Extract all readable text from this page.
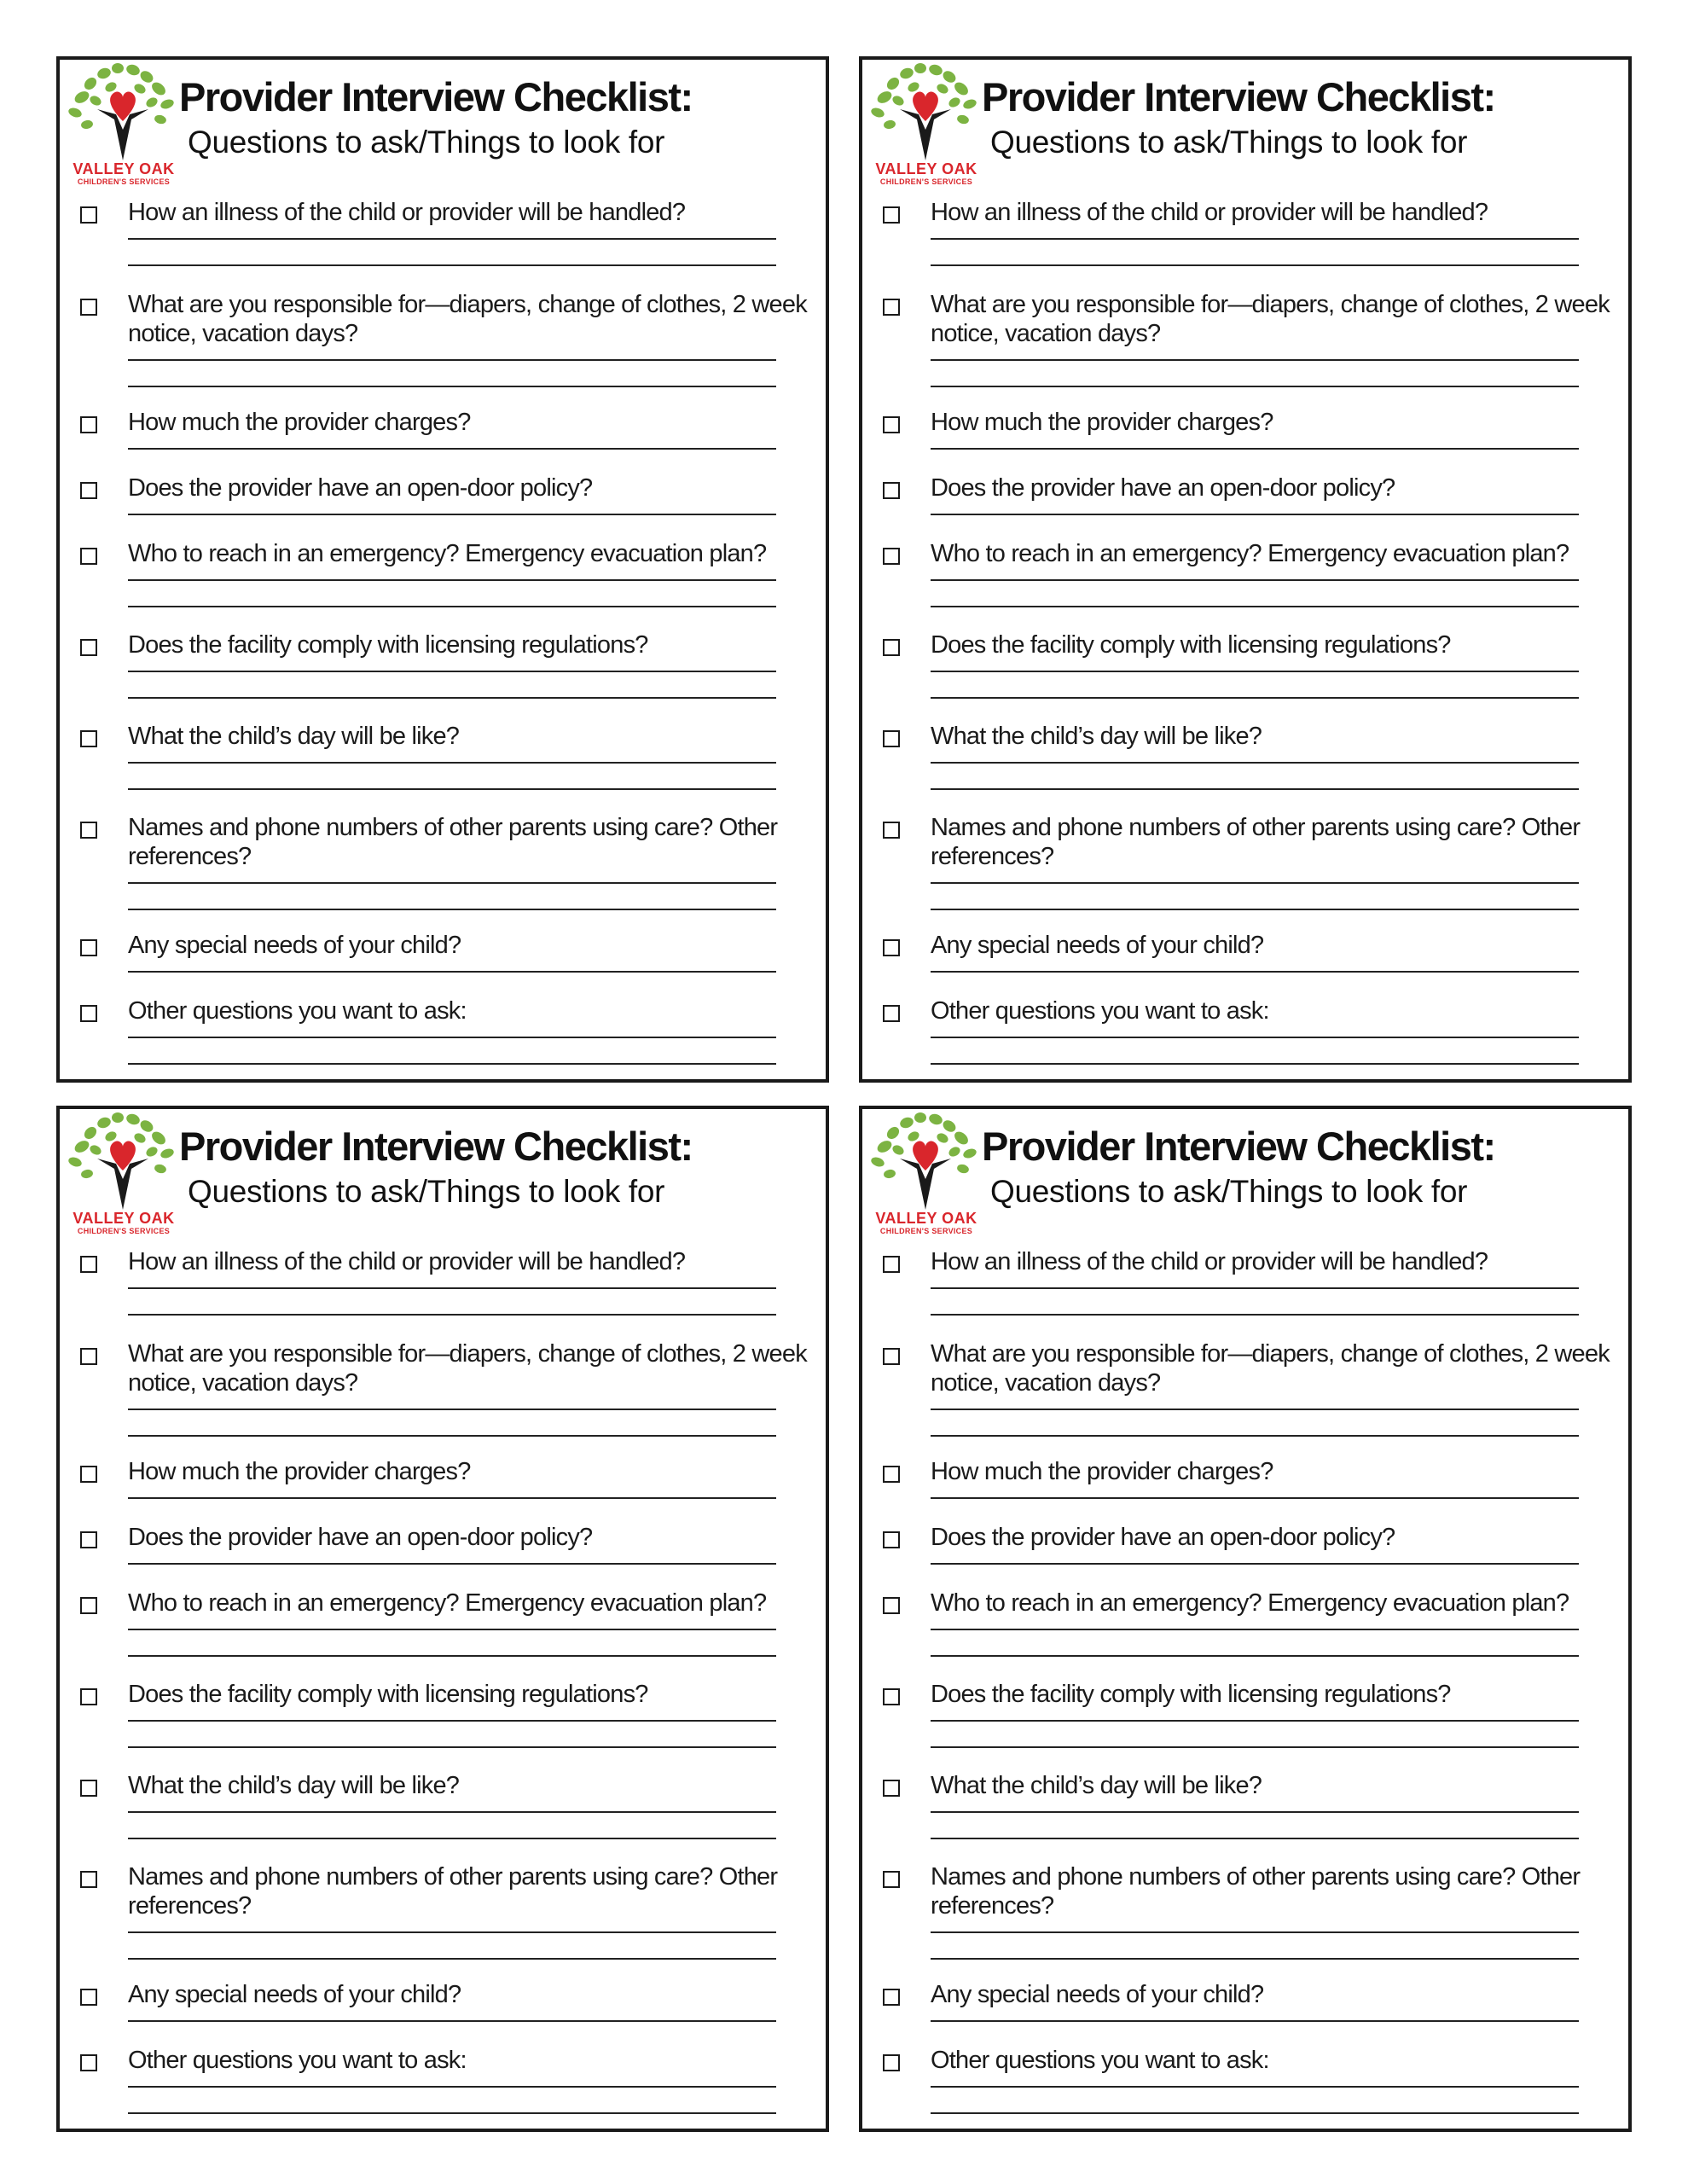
VALLEY OAK
CHILDREN'S SERVICES
Provider Interview Checklist:
Questions to ask/Things to look for
How an illness of the child or provider will be handled?
What are you responsible for—diapers, change of clothes, 2 week notice, vacation days?
How much the provider charges?
Does the provider have an open-door policy?
Who to reach in an emergency? Emergency evacuation plan?
Does the facility comply with licensing regulations?
What the child’s day will be like?
Names and phone numbers of other parents using care? Other references?
Any special needs of your child?
Other questions you want to ask:
VALLEY OAK
CHILDREN'S SERVICES
Provider Interview Checklist:
Questions to ask/Things to look for
How an illness of the child or provider will be handled?
What are you responsible for—diapers, change of clothes, 2 week notice, vacation days?
How much the provider charges?
Does the provider have an open-door policy?
Who to reach in an emergency? Emergency evacuation plan?
Does the facility comply with licensing regulations?
What the child’s day will be like?
Names and phone numbers of other parents using care? Other references?
Any special needs of your child?
Other questions you want to ask:
VALLEY OAK
CHILDREN'S SERVICES
Provider Interview Checklist:
Questions to ask/Things to look for
How an illness of the child or provider will be handled?
What are you responsible for—diapers, change of clothes, 2 week notice, vacation days?
How much the provider charges?
Does the provider have an open-door policy?
Who to reach in an emergency? Emergency evacuation plan?
Does the facility comply with licensing regulations?
What the child’s day will be like?
Names and phone numbers of other parents using care? Other references?
Any special needs of your child?
Other questions you want to ask:
VALLEY OAK
CHILDREN'S SERVICES
Provider Interview Checklist:
Questions to ask/Things to look for
How an illness of the child or provider will be handled?
What are you responsible for—diapers, change of clothes, 2 week notice, vacation days?
How much the provider charges?
Does the provider have an open-door policy?
Who to reach in an emergency? Emergency evacuation plan?
Does the facility comply with licensing regulations?
What the child’s day will be like?
Names and phone numbers of other parents using care? Other references?
Any special needs of your child?
Other questions you want to ask:
